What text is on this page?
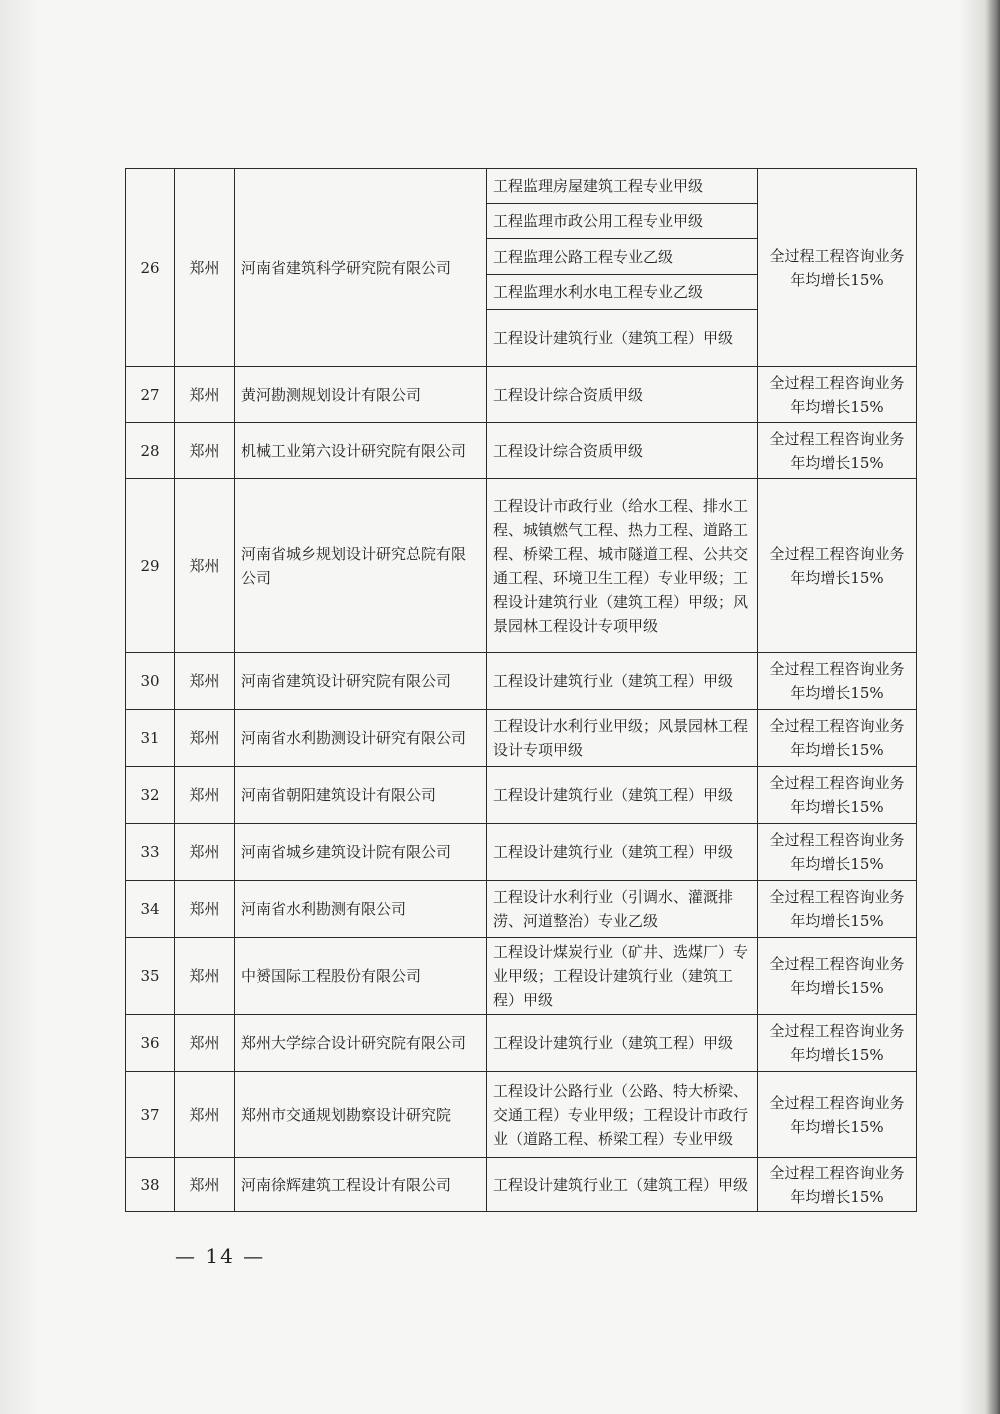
26	郑州	河南省建筑科学研究院有限公司	工程监理房屋建筑工程专业甲级	全过程工程咨询业务年均增长15%
			工程监理市政公用工程专业甲级	
			工程监理公路工程专业乙级	
			工程监理水利水电工程专业乙级	
			工程设计建筑行业（建筑工程）甲级	
27	郑州	黄河勘测规划设计有限公司	工程设计综合资质甲级	全过程工程咨询业务年均增长15%
28	郑州	机械工业第六设计研究院有限公司	工程设计综合资质甲级	全过程工程咨询业务年均增长15%
29	郑州	河南省城乡规划设计研究总院有限公司	工程设计市政行业（给水工程、排水工程、城镇燃气工程、热力工程、道路工程、桥梁工程、城市隧道工程、公共交通工程、环境卫生工程）专业甲级；工程设计建筑行业（建筑工程）甲级；风景园林工程设计专项甲级	全过程工程咨询业务年均增长15%
30	郑州	河南省建筑设计研究院有限公司	工程设计建筑行业（建筑工程）甲级	全过程工程咨询业务年均增长15%
31	郑州	河南省水利勘测设计研究有限公司	工程设计水利行业甲级；风景园林工程设计专项甲级	全过程工程咨询业务年均增长15%
32	郑州	河南省朝阳建筑设计有限公司	工程设计建筑行业（建筑工程）甲级	全过程工程咨询业务年均增长15%
33	郑州	河南省城乡建筑设计院有限公司	工程设计建筑行业（建筑工程）甲级	全过程工程咨询业务年均增长15%
34	郑州	河南省水利勘测有限公司	工程设计水利行业（引调水、灌溉排涝、河道整治）专业乙级	全过程工程咨询业务年均增长15%
35	郑州	中赟国际工程股份有限公司	工程设计煤炭行业（矿井、选煤厂）专业甲级；工程设计建筑行业（建筑工程）甲级	全过程工程咨询业务年均增长15%
36	郑州	郑州大学综合设计研究院有限公司	工程设计建筑行业（建筑工程）甲级	全过程工程咨询业务年均增长15%
37	郑州	郑州市交通规划勘察设计研究院	工程设计公路行业（公路、特大桥梁、交通工程）专业甲级；工程设计市政行业（道路工程、桥梁工程）专业甲级	全过程工程咨询业务年均增长15%
38	郑州	河南徐辉建筑工程设计有限公司	工程设计建筑行业工（建筑工程）甲级	全过程工程咨询业务年均增长15%
— 14 —
